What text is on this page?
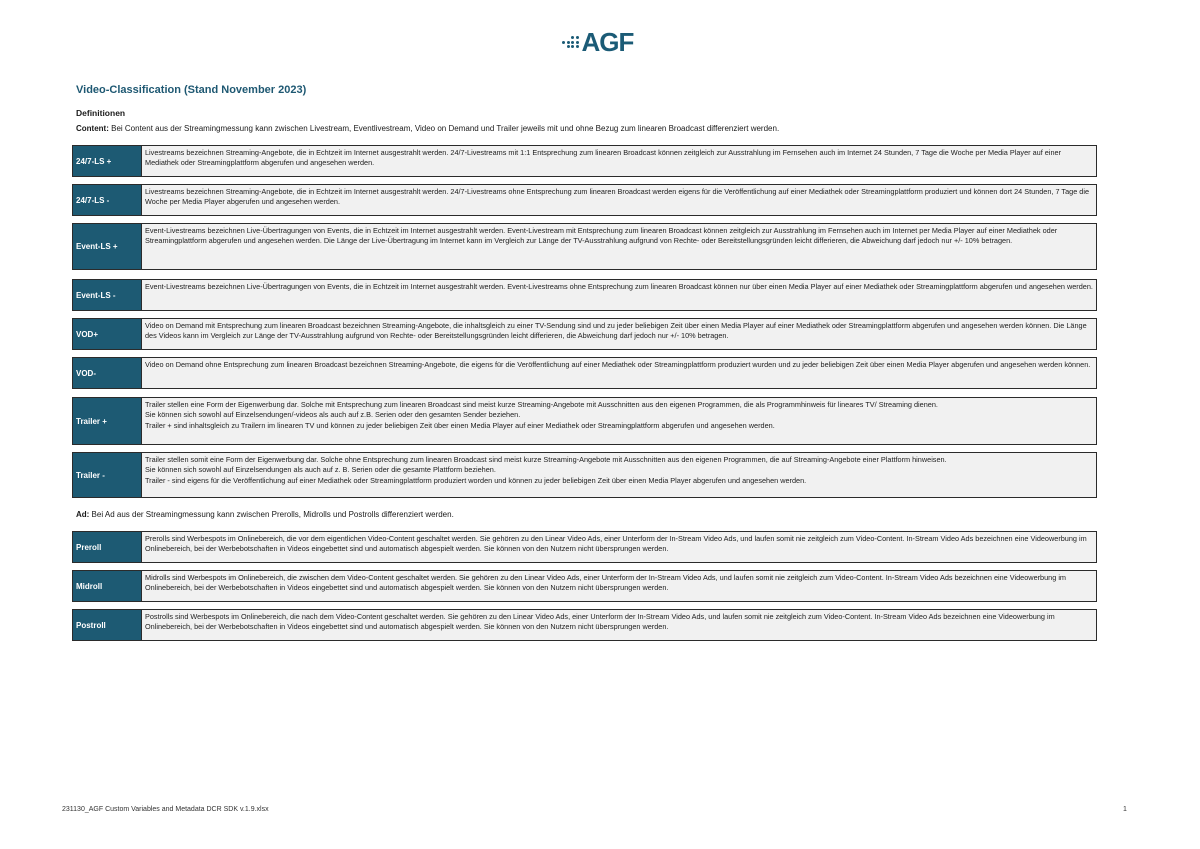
AGF
Video-Classification (Stand November 2023)
Definitionen
Content: Bei Content aus der Streamingmessung kann zwischen Livestream, Eventlivestream, Video on Demand und Trailer jeweils mit und ohne Bezug zum linearen Broadcast differenziert werden.
24/7-LS +
Livestreams bezeichnen Streaming-Angebote, die in Echtzeit im Internet ausgestrahlt werden. 24/7-Livestreams mit 1:1 Entsprechung zum linearen Broadcast können zeitgleich zur Ausstrahlung im Fernsehen auch im Internet 24 Stunden, 7 Tage die Woche per Media Player auf einer Mediathek oder Streamingplattform abgerufen und angesehen werden.
24/7-LS -
Livestreams bezeichnen Streaming-Angebote, die in Echtzeit im Internet ausgestrahlt werden. 24/7-Livestreams ohne Entsprechung zum linearen Broadcast werden eigens für die Veröffentlichung auf einer Mediathek oder Streamingplattform produziert und können dort 24 Stunden, 7 Tage die Woche per Media Player abgerufen und angesehen werden.
Event-LS +
Event-Livestreams bezeichnen Live-Übertragungen von Events, die in Echtzeit im Internet ausgestrahlt werden. Event-Livestream mit Entsprechung zum linearen Broadcast können zeitgleich zur Ausstrahlung im Fernsehen auch im Internet per Media Player auf einer Mediathek oder Streamingplattform abgerufen und angesehen werden. Die Länge der Live-Übertragung im Internet kann im Vergleich zur Länge der TV-Ausstrahlung aufgrund von Rechte- oder Bereitstellungsgründen leicht differieren, die Abweichung darf jedoch nur +/- 10% betragen.
Event-LS -
Event-Livestreams bezeichnen Live-Übertragungen von Events, die in Echtzeit im Internet ausgestrahlt werden. Event-Livestreams ohne Entsprechung zum linearen Broadcast können nur über einen Media Player auf einer Mediathek oder Streamingplattform abgerufen und angesehen werden.
VOD+
Video on Demand mit Entsprechung zum linearen Broadcast bezeichnen Streaming-Angebote, die inhaltsgleich zu einer TV-Sendung sind und zu jeder beliebigen Zeit über einen Media Player auf einer Mediathek oder Streamingplattform abgerufen und angesehen werden können. Die Länge des Videos kann im Vergleich zur Länge der TV-Ausstrahlung aufgrund von Rechte- oder Bereitstellungsgründen leicht differieren, die Abweichung darf jedoch nur +/- 10% betragen.
VOD-
Video on Demand ohne Entsprechung zum linearen Broadcast bezeichnen Streaming-Angebote, die eigens für die Veröffentlichung auf einer Mediathek oder Streamingplattform produziert wurden und zu jeder beliebigen Zeit über einen Media Player abgerufen und angesehen werden können.
Trailer +
Trailer stellen eine Form der Eigenwerbung dar. Solche mit Entsprechung zum linearen Broadcast sind meist kurze Streaming-Angebote mit Ausschnitten aus den eigenen Programmen, die als Programmhinweis für lineares TV/ Streaming dienen.
Sie können sich sowohl auf Einzelsendungen/-videos als auch auf z.B. Serien oder den gesamten Sender beziehen.
Trailer + sind inhaltsgleich zu Trailern im linearen TV und können zu jeder beliebigen Zeit über einen Media Player auf einer Mediathek oder Streamingplattform abgerufen und angesehen werden.
Trailer -
Trailer stellen somit eine Form der Eigenwerbung dar. Solche ohne Entsprechung zum linearen Broadcast sind meist kurze Streaming-Angebote mit Ausschnitten aus den eigenen Programmen, die auf Streaming-Angebote einer Plattform hinweisen.
Sie können sich sowohl auf Einzelsendungen als auch auf z. B. Serien oder die gesamte Plattform beziehen.
Trailer - sind eigens für die Veröffentlichung auf einer Mediathek oder Streamingplattform produziert worden und können zu jeder beliebigen Zeit über einen Media Player abgerufen und angesehen werden.
Ad: Bei Ad aus der Streamingmessung kann zwischen Prerolls, Midrolls und Postrolls differenziert werden.
Preroll
Prerolls sind Werbespots im Onlinebereich, die vor dem eigentlichen Video-Content geschaltet werden. Sie gehören zu den Linear Video Ads, einer Unterform der In-Stream Video Ads, und laufen somit nie zeitgleich zum Video-Content. In-Stream Video Ads bezeichnen eine Videowerbung im Onlinebereich, bei der Werbebotschaften in Videos eingebettet sind und automatisch abgespielt werden. Sie können von den Nutzern nicht übersprungen werden.
Midroll
Midrolls sind Werbespots im Onlinebereich, die zwischen dem Video-Content geschaltet werden. Sie gehören zu den Linear Video Ads, einer Unterform der In-Stream Video Ads, und laufen somit nie zeitgleich zum Video-Content. In-Stream Video Ads bezeichnen eine Videowerbung im Onlinebereich, bei der Werbebotschaften in Videos eingebettet sind und automatisch abgespielt werden. Sie können von den Nutzern nicht übersprungen werden.
Postroll
Postrolls sind Werbespots im Onlinebereich, die nach dem Video-Content geschaltet werden. Sie gehören zu den Linear Video Ads, einer Unterform der In-Stream Video Ads, und laufen somit nie zeitgleich zum Video-Content. In-Stream Video Ads bezeichnen eine Videowerbung im Onlinebereich, bei der Werbebotschaften in Videos eingebettet sind und automatisch abgespielt werden. Sie können von den Nutzern nicht übersprungen werden.
231130_AGF Custom Variables and Metadata DCR SDK v.1.9.xlsx	1
